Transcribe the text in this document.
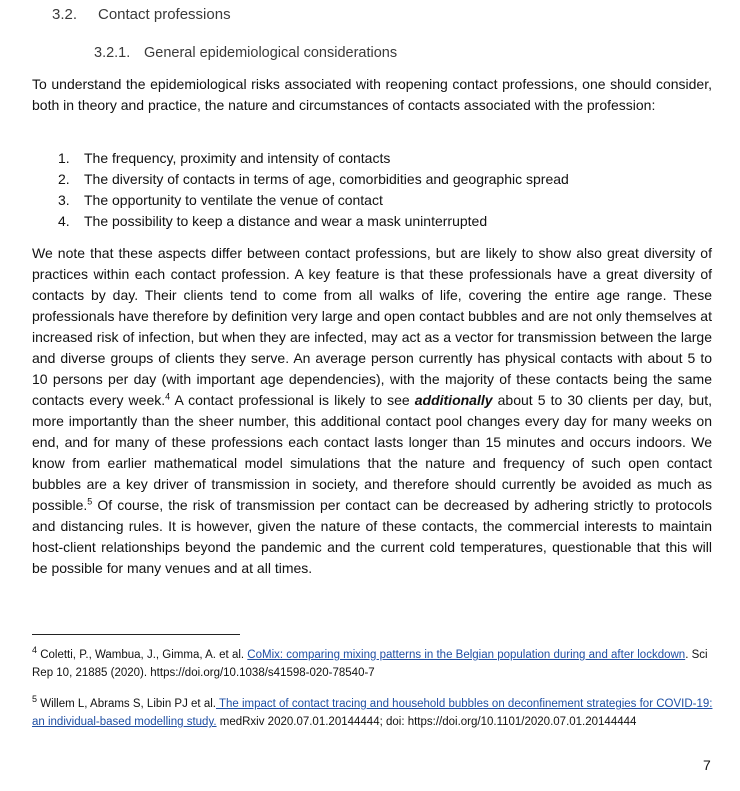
3.2. Contact professions
3.2.1. General epidemiological considerations

To understand the epidemiological risks associated with reopening contact professions, one should consider, both in theory and practice, the nature and circumstances of contacts associated with the profession:

1. The frequency, proximity and intensity of contacts
2. The diversity of contacts in terms of age, comorbidities and geographic spread
3. The opportunity to ventilate the venue of contact
4. The possibility to keep a distance and wear a mask uninterrupted

We note that these aspects differ between contact professions, but are likely to show also great diversity of practices within each contact profession. A key feature is that these professionals have a great diversity of contacts by day. Their clients tend to come from all walks of life, covering the entire age range. These professionals have therefore by definition very large and open contact bubbles and are not only themselves at increased risk of infection, but when they are infected, may act as a vector for transmission between the large and diverse groups of clients they serve. An average person currently has physical contacts with about 5 to 10 persons per day (with important age dependencies), with the majority of these contacts being the same contacts every week.$^4$ A contact professional is likely to see additionally about 5 to 30 clients per day, but, more importantly than the sheer number, this additional contact pool changes every day for many weeks on end, and for many of these professions each contact lasts longer than 15 minutes and occurs indoors. We know from earlier mathematical model simulations that the nature and frequency of such open contact bubbles are a key driver of transmission in society, and therefore should currently be avoided as much as possible.$^5$ Of course, the risk of transmission per contact can be decreased by adhering strictly to protocols and distancing rules. It is however, given the nature of these contacts, the commercial interests to maintain host-client relationships beyond the pandemic and the current cold temperatures, questionable that this will be possible for many venues and at all times.

$^4$ Coletti, P., Wambua, J., Gimma, A. et al. CoMix: comparing mixing patterns in the Belgian population during and after lockdown. Sci Rep 10, 21885 (2020). https://doi.org/10.1038/s41598-020-78540-7

$^5$ Willem L, Abrams S, Libin PJ et al. The impact of contact tracing and household bubbles on deconfinement strategies for COVID-19: an individual-based modelling study. medRxiv 2020.07.01.20144444; doi: https://doi.org/10.1101/2020.07.01.20144444

7
